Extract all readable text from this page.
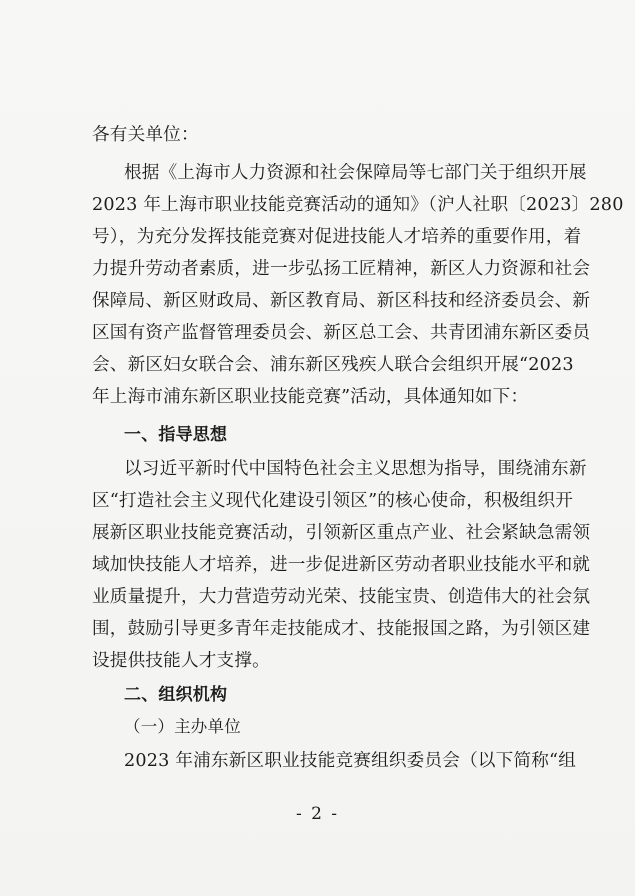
各有关单位：
根据《上海市人力资源和社会保障局等七部门关于组织开展
2023 年上海市职业技能竞赛活动的通知》（沪人社职〔2023〕280
号），为充分发挥技能竞赛对促进技能人才培养的重要作用，着
力提升劳动者素质，进一步弘扬工匠精神，新区人力资源和社会
保障局、新区财政局、新区教育局、新区科技和经济委员会、新
区国有资产监督管理委员会、新区总工会、共青团浦东新区委员
会、新区妇女联合会、浦东新区残疾人联合会组织开展“2023
年上海市浦东新区职业技能竞赛”活动，具体通知如下：
一、指导思想
以习近平新时代中国特色社会主义思想为指导，围绕浦东新
区“打造社会主义现代化建设引领区”的核心使命，积极组织开
展新区职业技能竞赛活动，引领新区重点产业、社会紧缺急需领
域加快技能人才培养，进一步促进新区劳动者职业技能水平和就
业质量提升，大力营造劳动光荣、技能宝贵、创造伟大的社会氛
围，鼓励引导更多青年走技能成才、技能报国之路，为引领区建
设提供技能人才支撑。
二、组织机构
（一）主办单位
2023 年浦东新区职业技能竞赛组织委员会（以下简称“组
- 2 -
